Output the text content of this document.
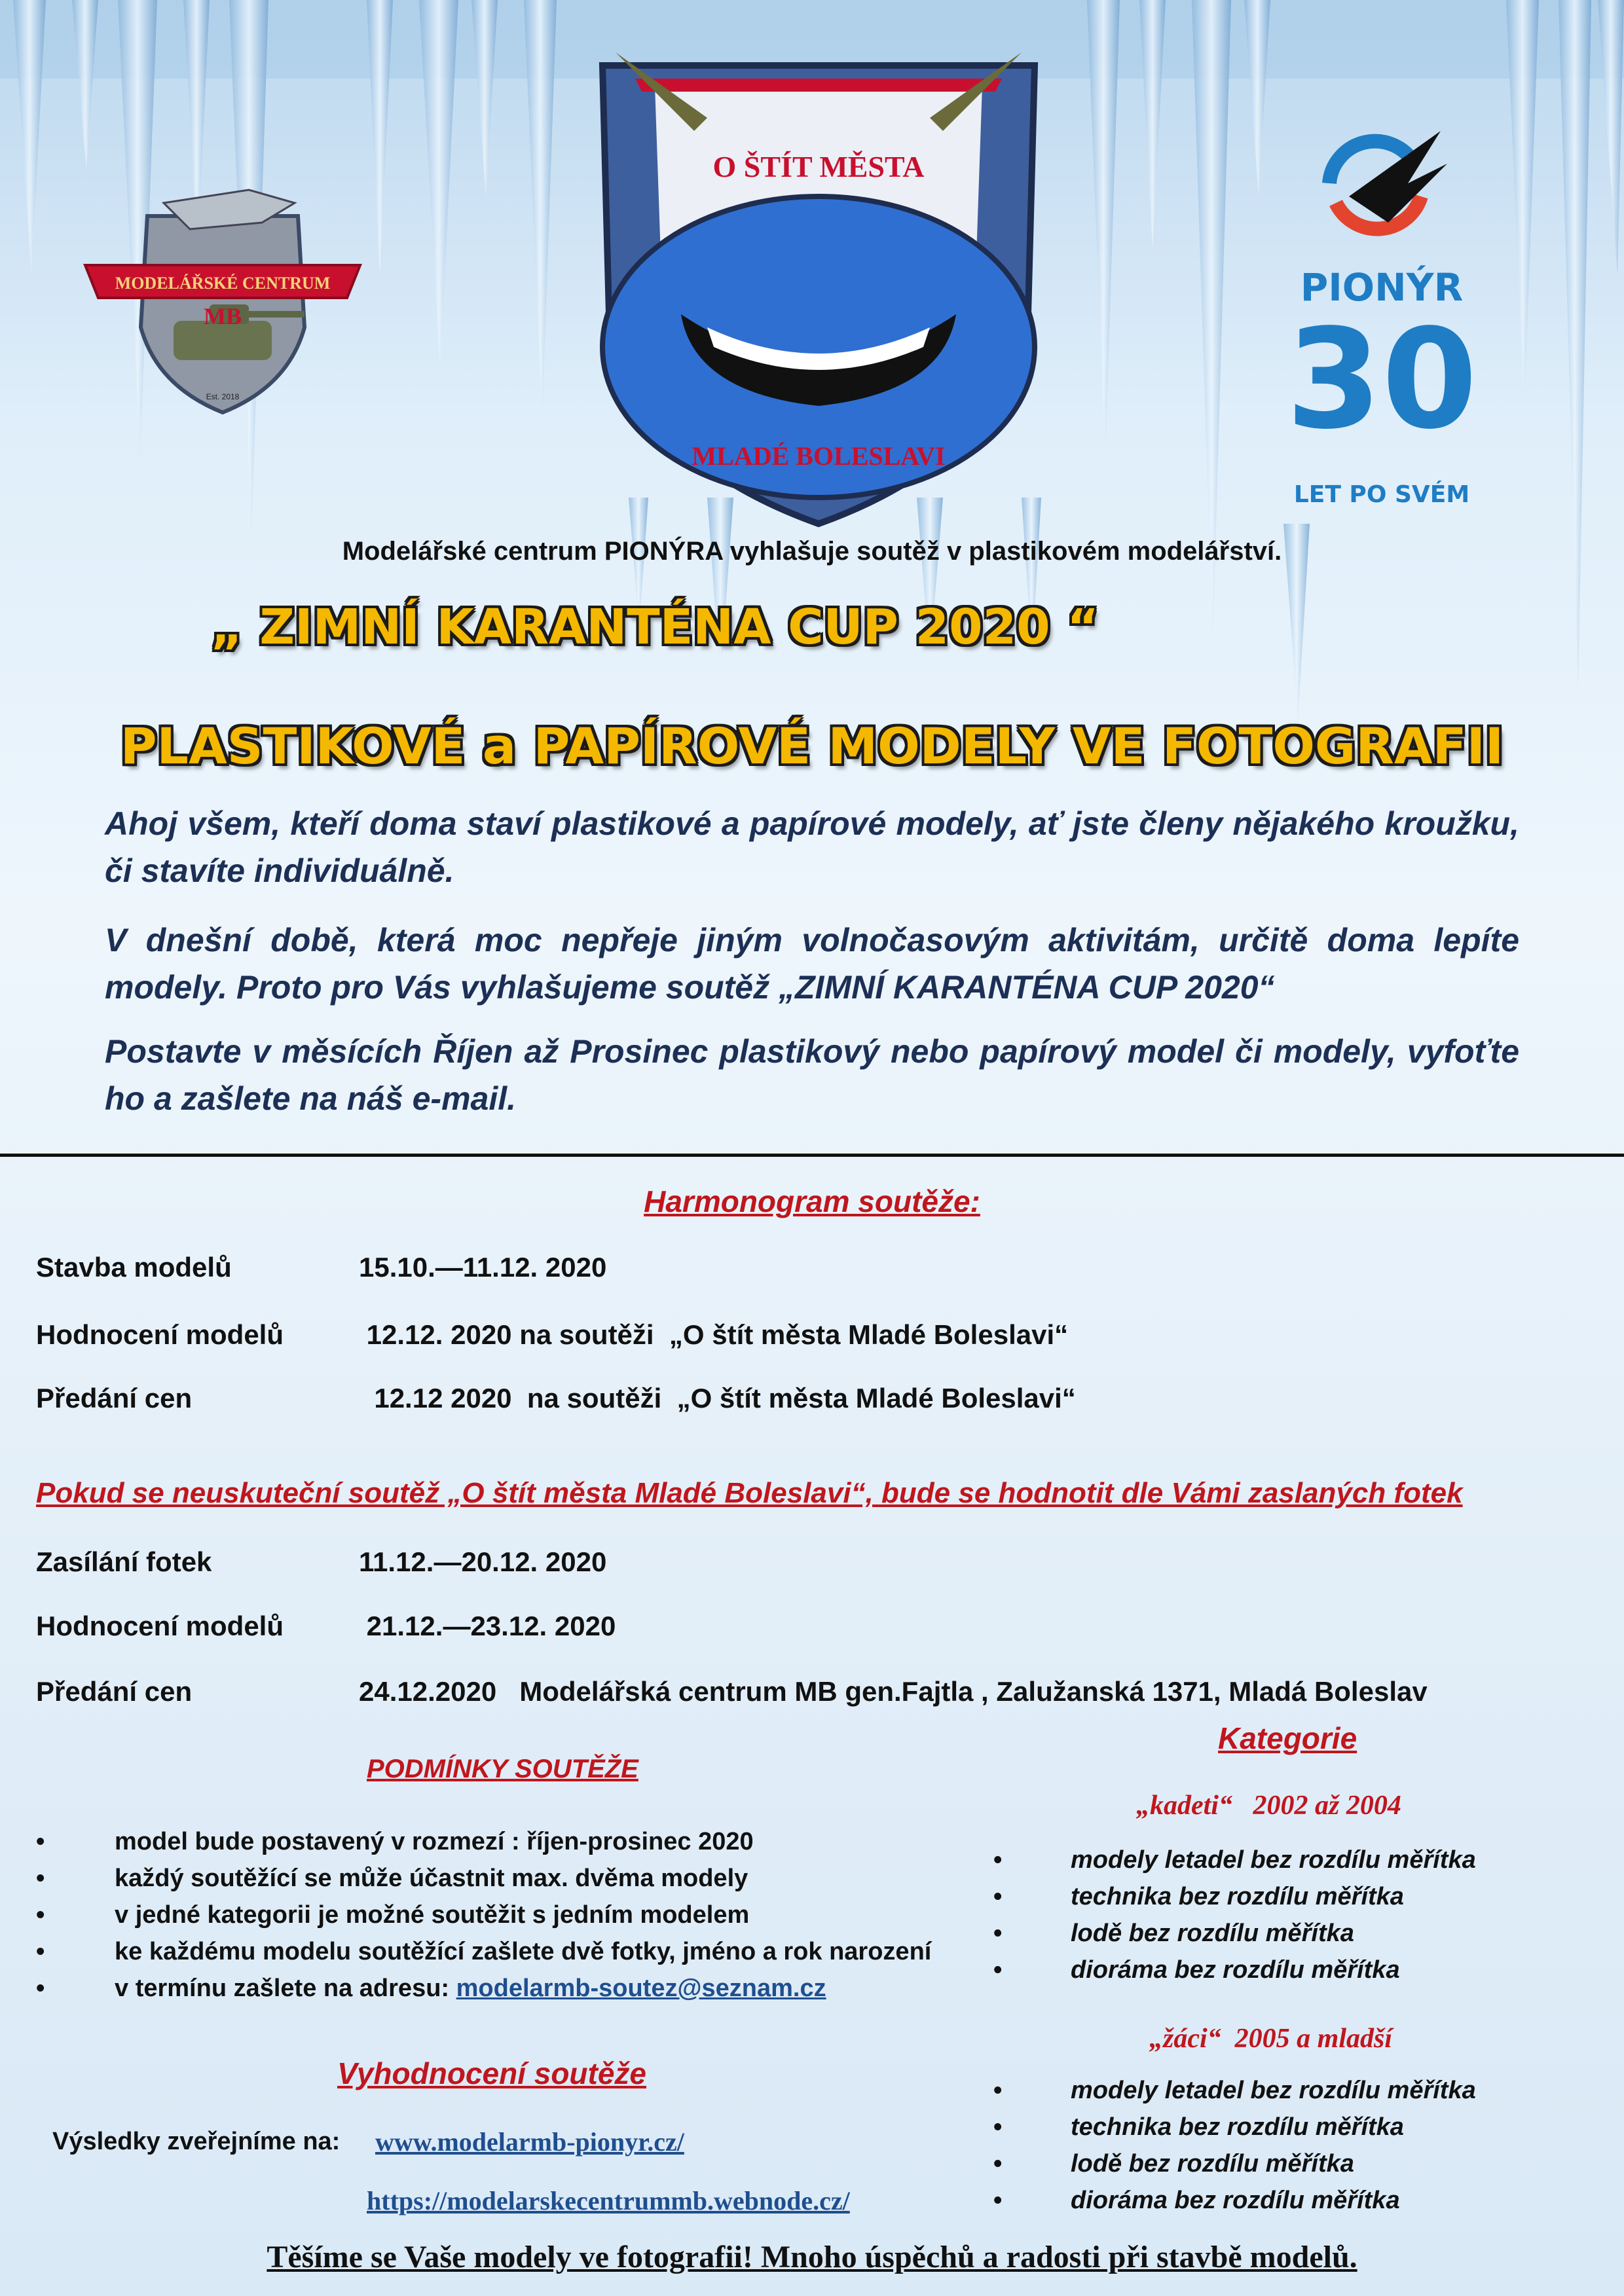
MODELÁŘSKÉ CENTRUM
MB
Est. 2018
O ŠTÍT MĚSTA
MLADÉ BOLESLAVI
PIONÝR
30
LET PO SVÉM
Modelářské centrum PIONÝRA vyhlašuje soutěž v plastikovém modelářství.
„ ZIMNÍ KARANTÉNA CUP 2020 “
PLASTIKOVÉ a PAPÍROVÉ MODELY VE FOTOGRAFII
Ahoj všem, kteří doma staví plastikové a papírové modely, ať jste členy nějakého kroužku, či stavíte individuálně.
V dnešní době, která moc nepřeje jiným volnočasovým aktivitám, určitě doma lepíte modely. Proto pro Vás vyhlašujeme soutěž „ZIMNÍ KARANTÉNA CUP 2020“
Postavte v měsících Říjen až Prosinec plastikový nebo papírový model či modely, vyfoťte ho a zašlete na náš e-mail.
Harmonogram soutěže:
Stavba modelů	15.10.—11.12. 2020
Hodnocení modelů	12.12. 2020 na soutěži  „O štít města Mladé Boleslavi“
Předání cen	12.12 2020  na soutěži  „O štít města Mladé Boleslavi“
Pokud se neuskuteční soutěž „O štít města Mladé Boleslavi“, bude se hodnotit dle Vámi zaslaných fotek
Zasílání fotek	11.12.—20.12. 2020
Hodnocení modelů	21.12.—23.12. 2020
Předání cen	24.12.2020   Modelářská centrum MB gen.Fajtla , Zalužanská 1371, Mladá Boleslav
PODMÍNKY SOUTĚŽE
• model bude postavený v rozmezí : říjen-prosinec 2020
• každý soutěžící se může účastnit max. dvěma modely
• v jedné kategorii je možné soutěžit s jedním modelem
• ke každému modelu soutěžící zašlete dvě fotky, jméno a rok narození
• v termínu zašlete na adresu: modelarmb-soutez@seznam.cz
Vyhodnocení soutěže
Výsledky zveřejníme na: www.modelarmb-pionyr.cz/
https://modelarskecentrummb.webnode.cz/
Kategorie
„kadeti“   2002 až 2004
• modely letadel bez rozdílu měřítka
• technika bez rozdílu měřítka
• lodě bez rozdílu měřítka
• dioráma bez rozdílu měřítka
„žáci“  2005 a mladší
• modely letadel bez rozdílu měřítka
• technika bez rozdílu měřítka
• lodě bez rozdílu měřítka
• dioráma bez rozdílu měřítka
Těšíme se Vaše modely ve fotografii! Mnoho úspěchů a radosti při stavbě modelů.
